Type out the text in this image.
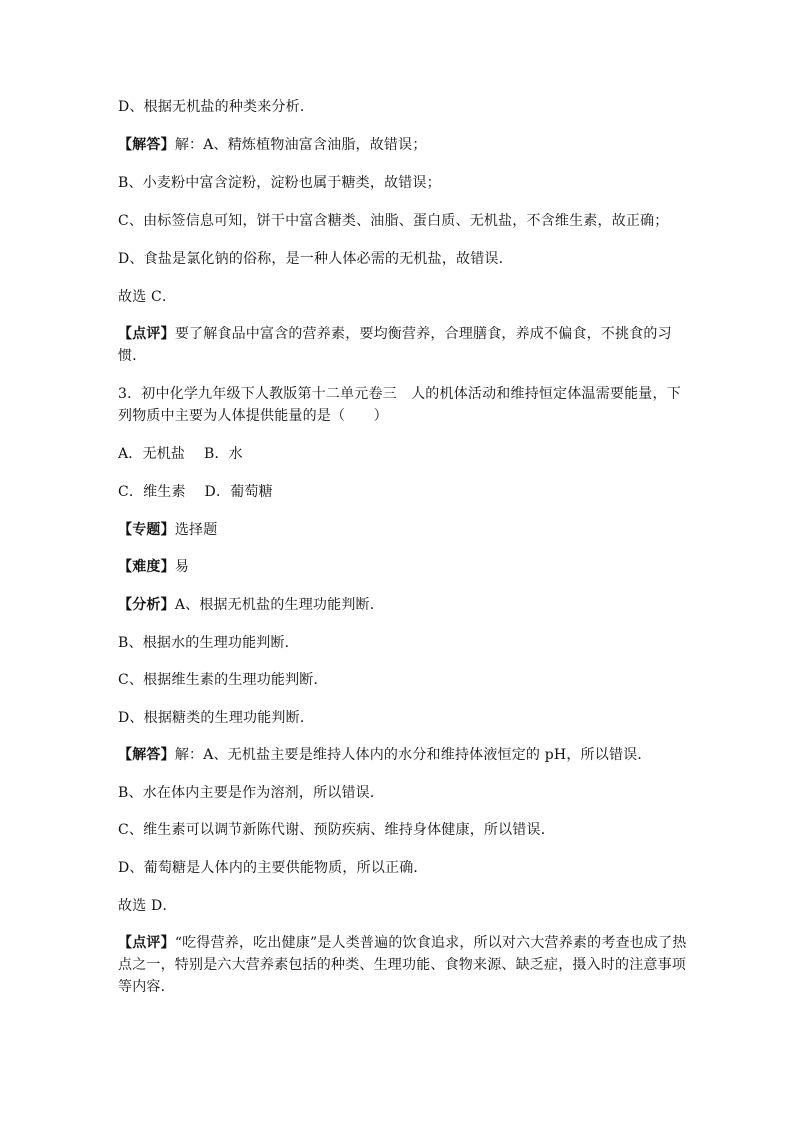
D、根据无机盐的种类来分析．
【解答】解：A、精炼植物油富含油脂，故错误；
B、小麦粉中富含淀粉，淀粉也属于糖类，故错误；
C、由标签信息可知，饼干中富含糖类、油脂、蛋白质、无机盐，不含维生素，故正确；
D、食盐是氯化钠的俗称，是一种人体必需的无机盐，故错误．
故选 C．
【点评】要了解食品中富含的营养素，要均衡营养，合理膳食，养成不偏食，不挑食的习
惯．
3．初中化学九年级下人教版第十二单元卷三　人的机体活动和维持恒定体温需要能量，下
列物质中主要为人体提供能量的是（　　）
A．无机盐　 B．水
C．维生素　 D．葡萄糖
【专题】选择题
【难度】易
【分析】A、根据无机盐的生理功能判断．
B、根据水的生理功能判断．
C、根据维生素的生理功能判断．
D、根据糖类的生理功能判断．
【解答】解：A、无机盐主要是维持人体内的水分和维持体液恒定的 pH，所以错误．
B、水在体内主要是作为溶剂，所以错误．
C、维生素可以调节新陈代谢、预防疾病、维持身体健康，所以错误．
D、葡萄糖是人体内的主要供能物质，所以正确．
故选 D．
【点评】“吃得营养，吃出健康”是人类普遍的饮食追求，所以对六大营养素的考查也成了热
点之一，特别是六大营养素包括的种类、生理功能、食物来源、缺乏症，摄入时的注意事项
等内容．
